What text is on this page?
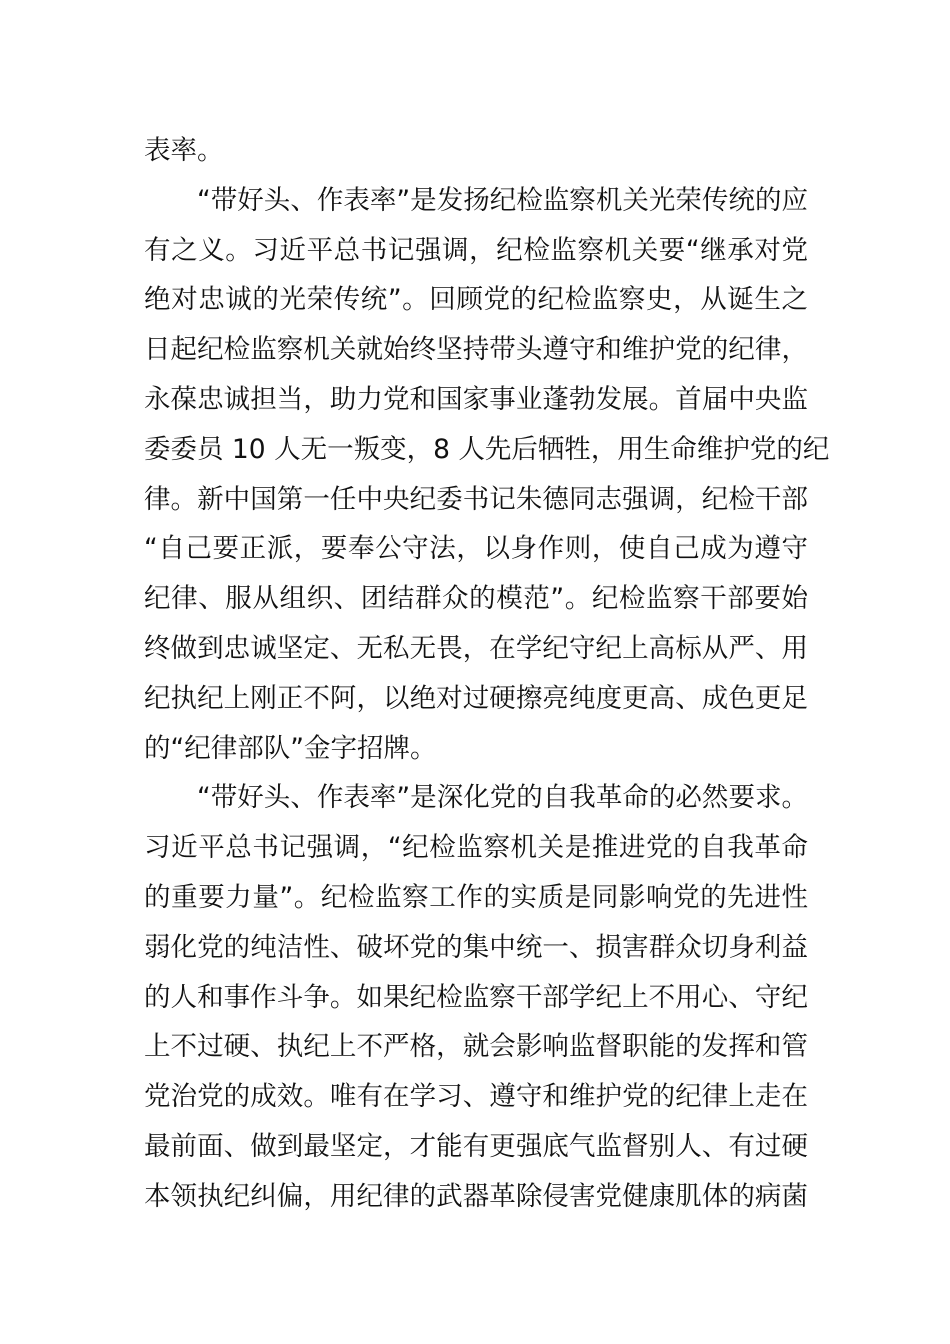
表率。
“带好头、作表率”是发扬纪检监察机关光荣传统的应
有之义。习近平总书记强调，纪检监察机关要“继承对党
绝对忠诚的光荣传统”。回顾党的纪检监察史，从诞生之
日起纪检监察机关就始终坚持带头遵守和维护党的纪律，
永葆忠诚担当，助力党和国家事业蓬勃发展。首届中央监
委委员 10 人无一叛变，8 人先后牺牲，用生命维护党的纪
律。新中国第一任中央纪委书记朱德同志强调，纪检干部
“自己要正派，要奉公守法，以身作则，使自己成为遵守
纪律、服从组织、团结群众的模范”。纪检监察干部要始
终做到忠诚坚定、无私无畏，在学纪守纪上高标从严、用
纪执纪上刚正不阿，以绝对过硬擦亮纯度更高、成色更足
的“纪律部队”金字招牌。
“带好头、作表率”是深化党的自我革命的必然要求。
习近平总书记强调，“纪检监察机关是推进党的自我革命
的重要力量”。纪检监察工作的实质是同影响党的先进性
弱化党的纯洁性、破坏党的集中统一、损害群众切身利益
的人和事作斗争。如果纪检监察干部学纪上不用心、守纪
上不过硬、执纪上不严格，就会影响监督职能的发挥和管
党治党的成效。唯有在学习、遵守和维护党的纪律上走在
最前面、做到最坚定，才能有更强底气监督别人、有过硬
本领执纪纠偏，用纪律的武器革除侵害党健康肌体的病菌
